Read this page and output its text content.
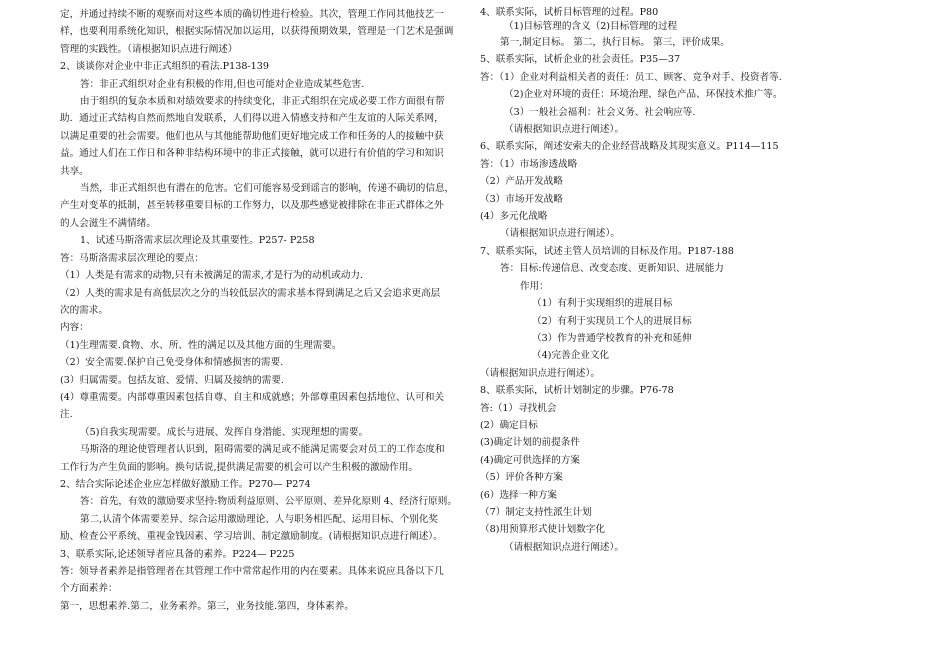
定，并通过持续不断的观察而对这些本质的确切性进行检验。其次，管理工作同其他技艺一
样，也要利用系统化知识，根据实际情况加以运用，以获得预期效果，管理是一门艺术是强调
管理的实践性。（请根据知识点进行阐述）
2、谈谈你对企业中非正式组织的看法.P138-139
答：非正式组织对企业有积极的作用,但也可能对企业造成某些危害.
由于组织的复杂本质和对绩效要求的持续变化，非正式组织在完成必要工作方面很有帮
助．通过正式结构自然而然地自发联系，人们得以进入情感支持和产生友谊的人际关系网，
以满足重要的社会需要。他们也从与其他能帮助他们更好地完成工作和任务的人的接触中获
益。通过人们在工作日和各种非结构环境中的非正式接触，就可以进行有价值的学习和知识
共享。
当然，非正式组织也有潜在的危害。它们可能容易受到谣言的影响，传递不确切的信息，
产生对变革的抵制，甚至转移重要目标的工作努力，以及那些感觉被排除在非正式群体之外
的人会滋生不满情绪。
1、试述马斯洛需求层次理论及其重要性。P257- P258
答：马斯洛需求层次理论的要点：
（1）人类是有需求的动物,只有未被满足的需求,才是行为的动机或动力.
（2）人类的需求是有高低层次之分的当较低层次的需求基本得到满足之后又会追求更高层
次的需求。
内容：
（1)生理需要.食物、水、所、性的满足以及其他方面的生理需要。
（2）安全需要.保护自己免受身体和情感损害的需要.
(3）归属需要。包括友谊、爱情、归属及接纳的需要.
(4）尊重需要。内部尊重因素包括自尊、自主和成就感；外部尊重因素包括地位、认可和关
注.
（5)自我实现需要。成长与进展、发挥自身潜能、实现理想的需要。
马斯洛的理论使管理者认识到，阻碍需要的满足或不能满足需要会对员工的工作态度和
工作行为产生负面的影响。换句话说,提供满足需要的机会可以产生积极的激励作用。
2、结合实际论述企业应怎样做好激励工作。P270— P274
答：首先，有效的激励要求坚持:物质利益原则、公平原则、差异化原则 4、经济行原则。
第二,认清个体需要差异、综合运用激励理论、人与职务相匹配、运用目标、个别化奖
励、检查公平系统、重视金钱因素、学习培训、制定激励制度。(请根据知识点进行阐述）。
3、联系实际,论述领导者应具备的素养。P224— P225
答：领导者素养是指管理者在其管理工作中常常起作用的内在要素。具体来说应具备以下几
个方面素养：
第一，思想素养.第二，业务素养。第三，业务技能.第四，身体素养。
4、联系实际，试析目标管理的过程。P80
（1)目标管理的含义（2)目标管理的过程
第一,制定目标。 第二，执行目标。 第三，评价成果。
5、联系实际，试析企业的社会责任。P35—37
答：（1）企业对利益相关者的责任：员工、顾客、竞争对手、投资者等.
（2)企业对环境的责任：环境治理、绿色产品、环保技术推广等。
（3）一般社会福利：社会义务、社会响应等.
（请根据知识点进行阐述）。
6、联系实际，阐述安索夫的企业经营战略及其现实意义。P114—115
答：（1）市场渗透战略
（2）产品开发战略
（3）市场开发战略
(4）多元化战略
（请根据知识点进行阐述）。
7、联系实际，试述主管人员培训的目标及作用。P187-188
答：目标:传递信息、改变态度、更新知识、进展能力
作用：
（1）有利于实现组织的进展目标
（2）有利于实现员工个人的进展目标
（3）作为普通学校教育的补充和延伸
（4)完善企业文化
（请根据知识点进行阐述）。
8、联系实际，试析计划制定的步骤。P76-78
答:（1）寻找机会
(2）确定目标
(3)确定计划的前提条件
(4)确定可供选择的方案
（5）评价各种方案
(6）选择一种方案
（7）制定支持性派生计划
（8)用预算形式使计划数字化
（请根据知识点进行阐述）。
